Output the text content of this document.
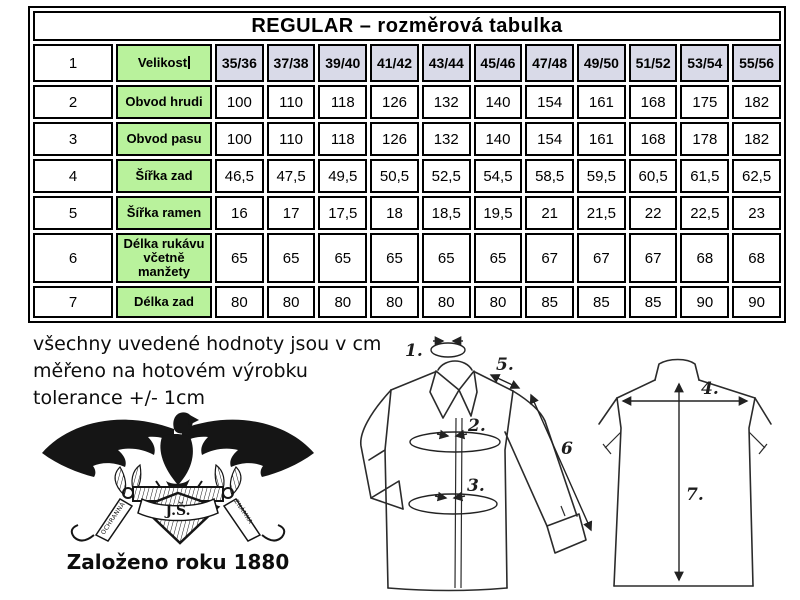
REGULAR – rozměrová tabulka												
1	Velikost	35/36	37/38	39/40	41/42	43/44	45/46	47/48	49/50	51/52	53/54	55/56
2	Obvod hrudi	100	110	118	126	132	140	154	161	168	175	182
3	Obvod pasu	100	110	118	126	132	140	154	161	168	178	182
4	Šířka zad	46,5	47,5	49,5	50,5	52,5	54,5	58,5	59,5	60,5	61,5	62,5
5	Šířka ramen	16	17	17,5	18	18,5	19,5	21	21,5	22	22,5	23
6	Délka rukávu včetně manžety	65	65	65	65	65	65	67	67	67	68	68
7	Délka zad	80	80	80	80	80	80	85	85	85	90	90
všechny uvedené hodnoty jsou v cm
měřeno na hotovém výrobku
tolerance +/- 1cm
J.Š.
OCHRANNÁ	ZNÁMKA
Založeno roku 1880
1.
5.
2.
3.
6
4.
7.
